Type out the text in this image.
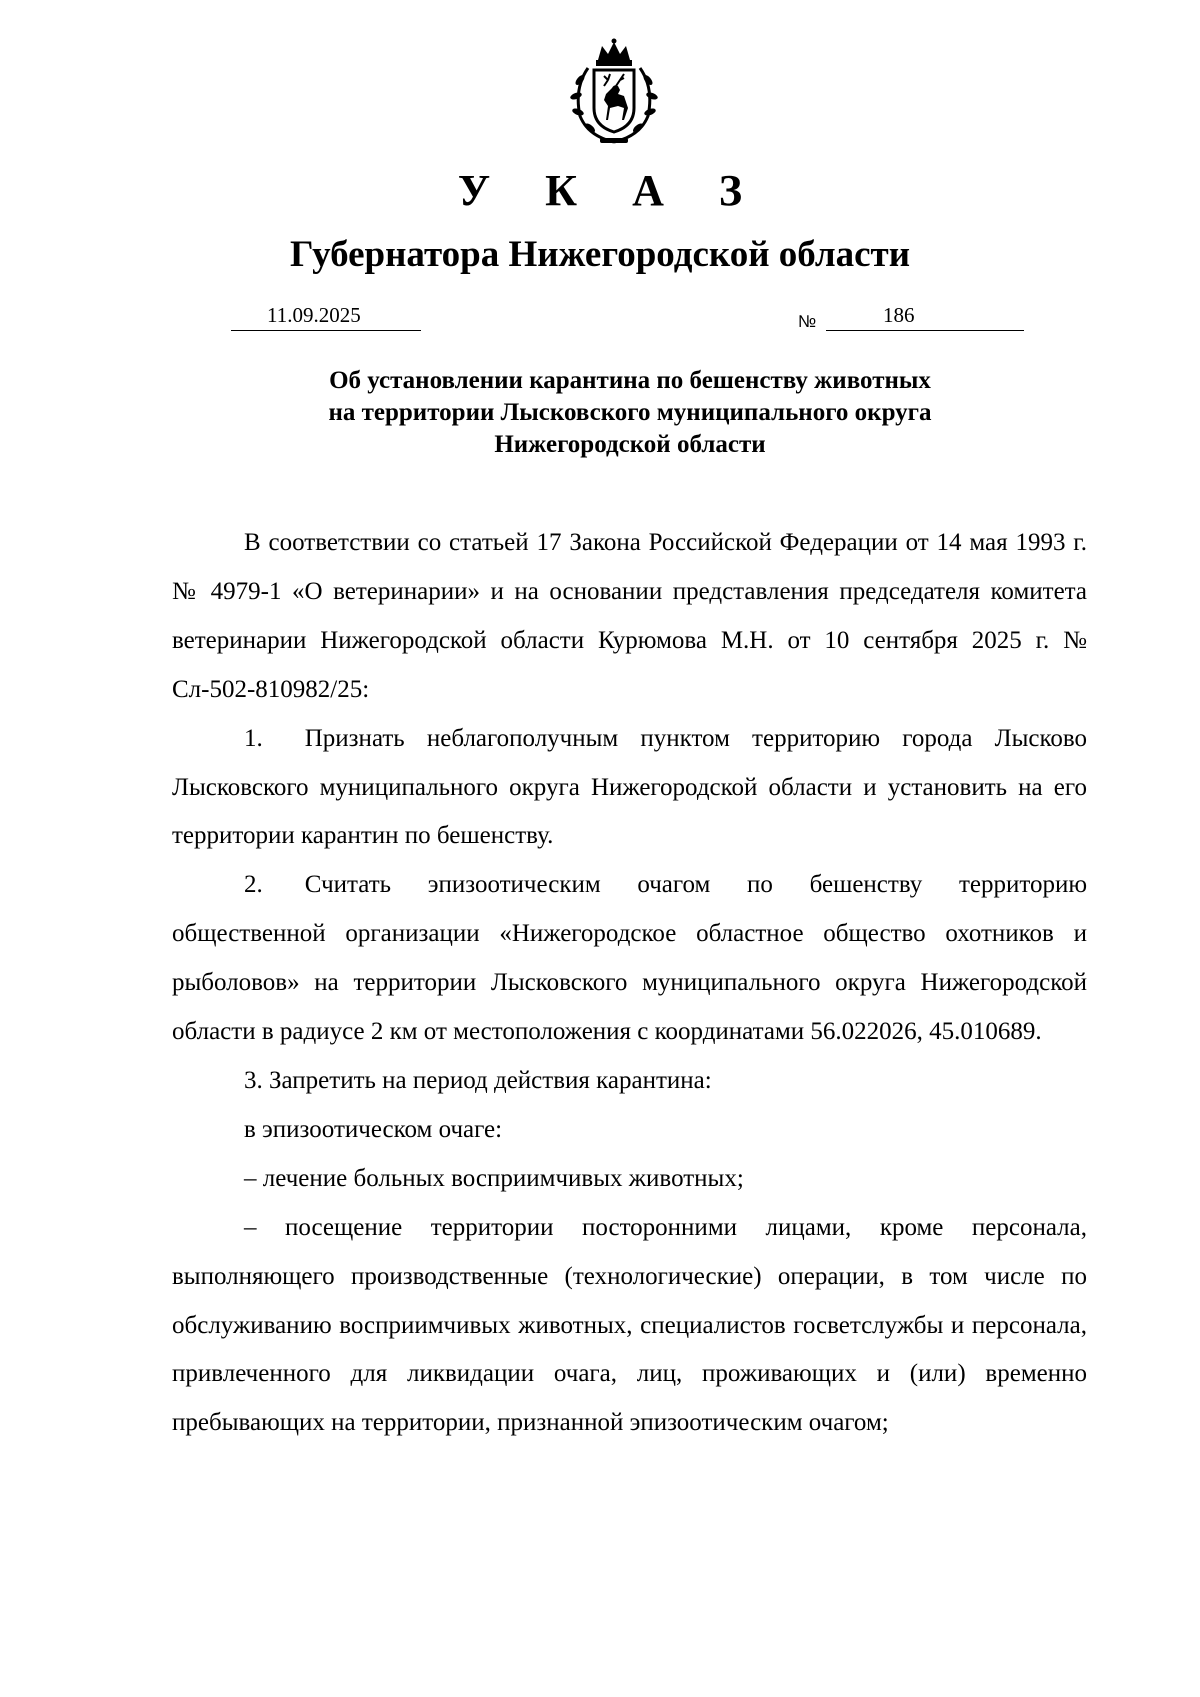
У К А З
Губернатора Нижегородской области
11.09.2025	№	186
Об установлении карантина по бешенству животных
на территории Лысковского муниципального округа
Нижегородской области

В соответствии со статьей 17 Закона Российской Федерации от 14 мая 1993 г. № 4979-1 «О ветеринарии» и на основании представления председателя комитета ветеринарии Нижегородской области Курюмова М.Н. от 10 сентября 2025 г. № Сл-502-810982/25:

1. Признать неблагополучным пунктом территорию города Лысково Лысковского муниципального округа Нижегородской области и установить на его территории карантин по бешенству.

2. Считать эпизоотическим очагом по бешенству территорию общественной организации «Нижегородское областное общество охотников и рыболовов» на территории Лысковского муниципального округа Нижегородской области в радиусе 2 км от местоположения с координатами 56.022026, 45.010689.

3. Запретить на период действия карантина:

в эпизоотическом очаге:

– лечение больных восприимчивых животных;

– посещение территории посторонними лицами, кроме персонала, выполняющего производственные (технологические) операции, в том числе по обслуживанию восприимчивых животных, специалистов госветслужбы и персонала, привлеченного для ликвидации очага, лиц, проживающих и (или) временно пребывающих на территории, признанной эпизоотическим очагом;
